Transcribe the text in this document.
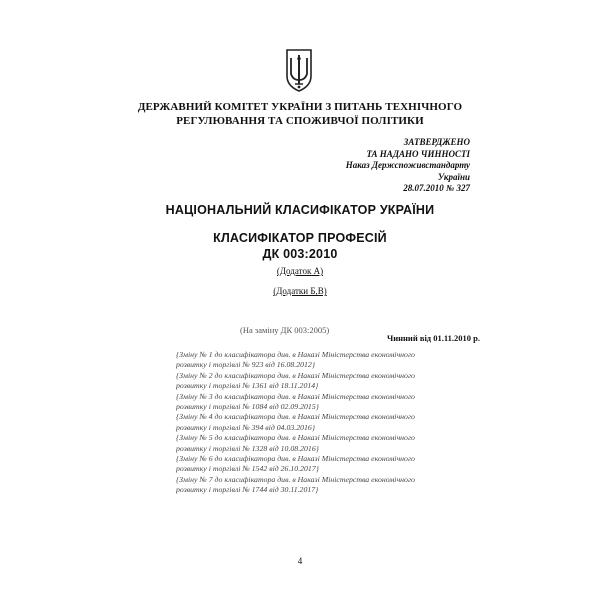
ДЕРЖАВНИЙ КОМІТЕТ УКРАЇНИ З ПИТАНЬ ТЕХНІЧНОГО
РЕГУЛЮВАННЯ ТА СПОЖИВЧОЇ ПОЛІТИКИ
ЗАТВЕРДЖЕНО
ТА НАДАНО ЧИННОСТІ
Наказ Держспоживстандарту
України
28.07.2010 № 327
НАЦІОНАЛЬНИЙ КЛАСИФІКАТОР УКРАЇНИ
КЛАСИФІКАТОР ПРОФЕСІЙ
ДК 003:2010
(Додаток А)
(Додатки Б,В)
(На заміну ДК 003:2005)
Чинний від 01.11.2010 р.
{Зміну № 1 до класифікатора див. в Наказі Міністерства економічного
розвитку і торгівлі № 923 від 16.08.2012}
{Зміну № 2 до класифікатора див. в Наказі Міністерства економічного
розвитку і торгівлі № 1361 від 18.11.2014}
{Зміну № 3 до класифікатора див. в Наказі Міністерства економічного
розвитку і торгівлі № 1084 від 02.09.2015}
{Зміну № 4 до класифікатора див. в Наказі Міністерства економічного
розвитку і торгівлі № 394 від 04.03.2016}
{Зміну № 5 до класифікатора див. в Наказі Міністерства економічного
розвитку і торгівлі № 1328 від 10.08.2016}
{Зміну № 6 до класифікатора див. в Наказі Міністерства економічного
розвитку і торгівлі № 1542 від 26.10.2017}
{Зміну № 7 до класифікатора див. в Наказі Міністерства економічного
розвитку і торгівлі № 1744 від 30.11.2017}
4
